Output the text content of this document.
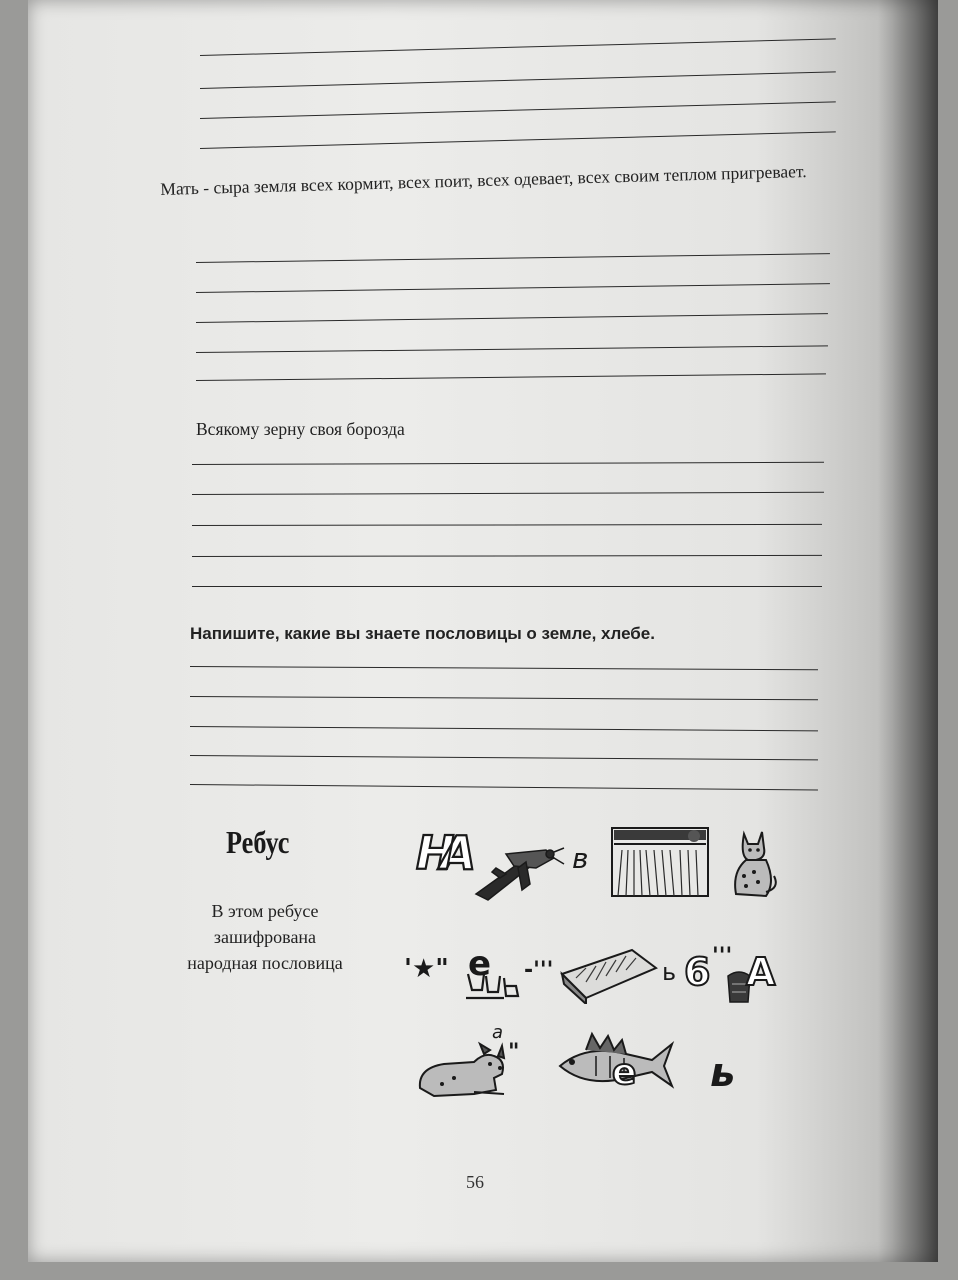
Мать - сыра земля всех кормит, всех поит, всех одевает, всех своим теплом пригревает.
Всякому зерну своя борозда
Напишите, какие вы знаете пословицы о земле, хлебе.
Ребус
В этом ребусе
зашифрована
народная пословица
НА	в
'★" е -'''	ь 6 ''' А
а
"	е ь
56
